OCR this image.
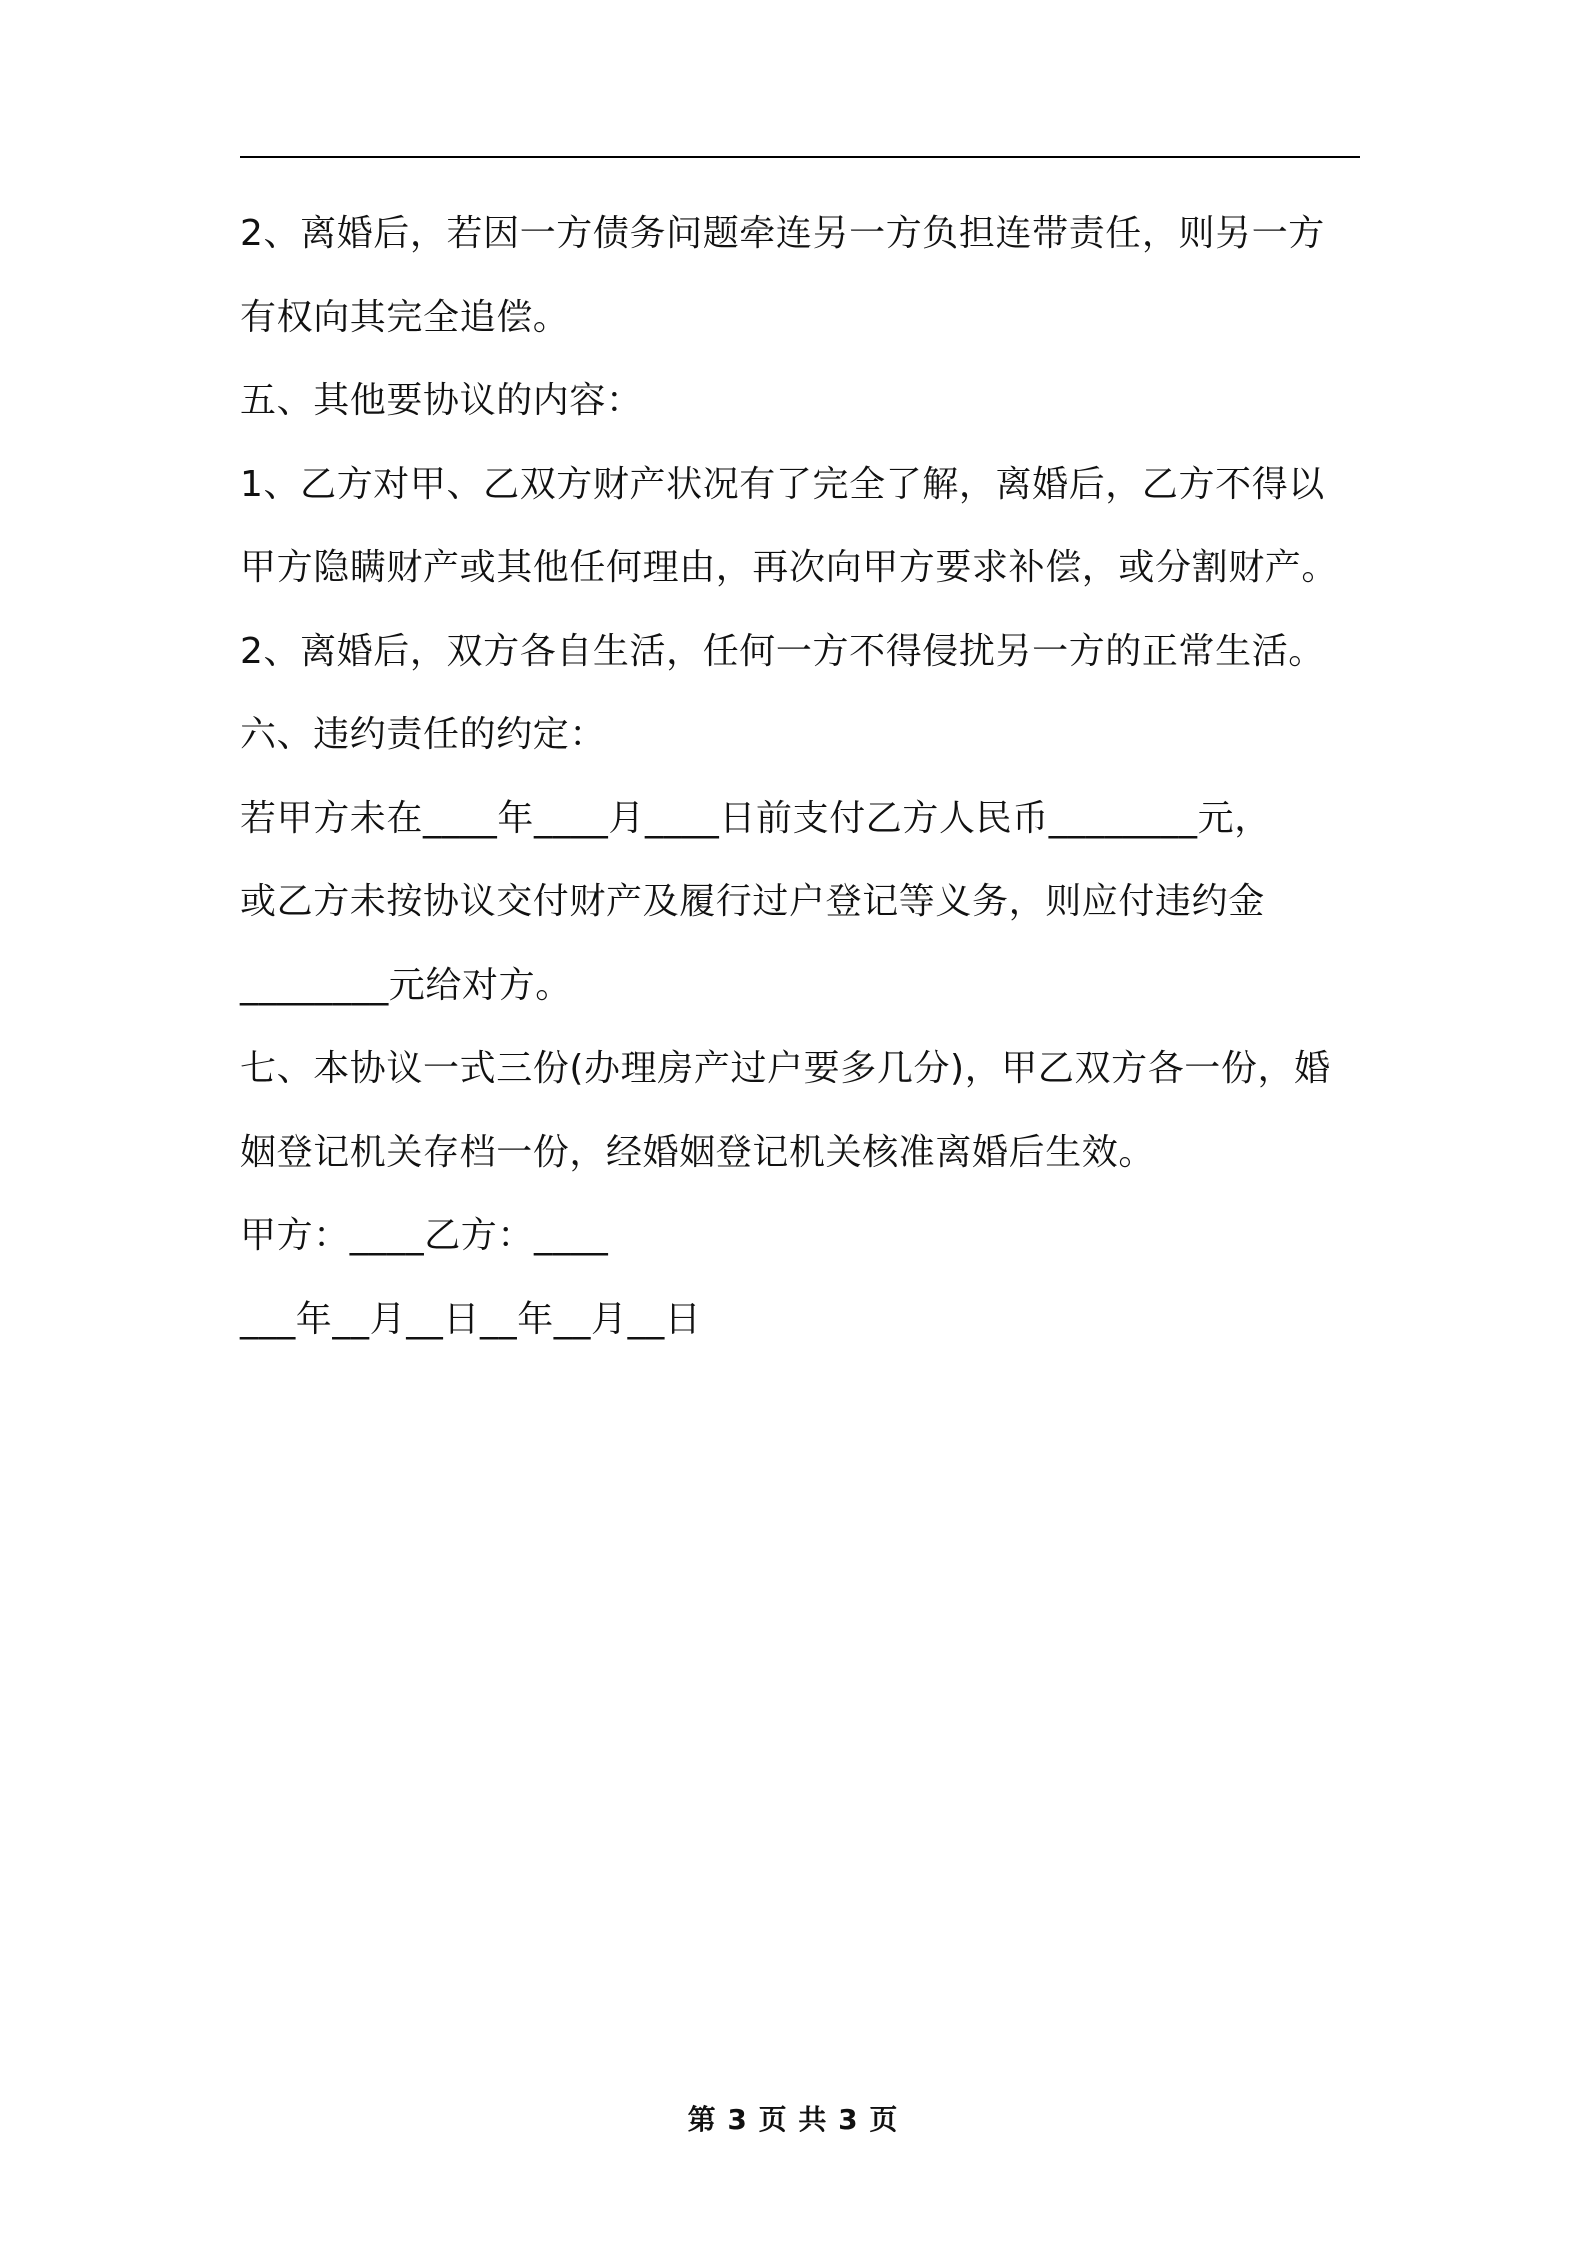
2、离婚后，若因一方债务问题牵连另一方负担连带责任，则另一方
有权向其完全追偿。
五、其他要协议的内容：
1、乙方对甲、乙双方财产状况有了完全了解，离婚后，乙方不得以
甲方隐瞒财产或其他任何理由，再次向甲方要求补偿，或分割财产。
2、离婚后，双方各自生活，任何一方不得侵扰另一方的正常生活。
六、违约责任的约定：
若甲方未在____年____月____日前支付乙方人民币________元，
或乙方未按协议交付财产及履行过户登记等义务，则应付违约金
________元给对方。
七、本协议一式三份(办理房产过户要多几分)，甲乙双方各一份，婚
姻登记机关存档一份，经婚姻登记机关核准离婚后生效。
甲方：____乙方：____
___年__月__日__年__月__日
第 3 页 共 3 页
